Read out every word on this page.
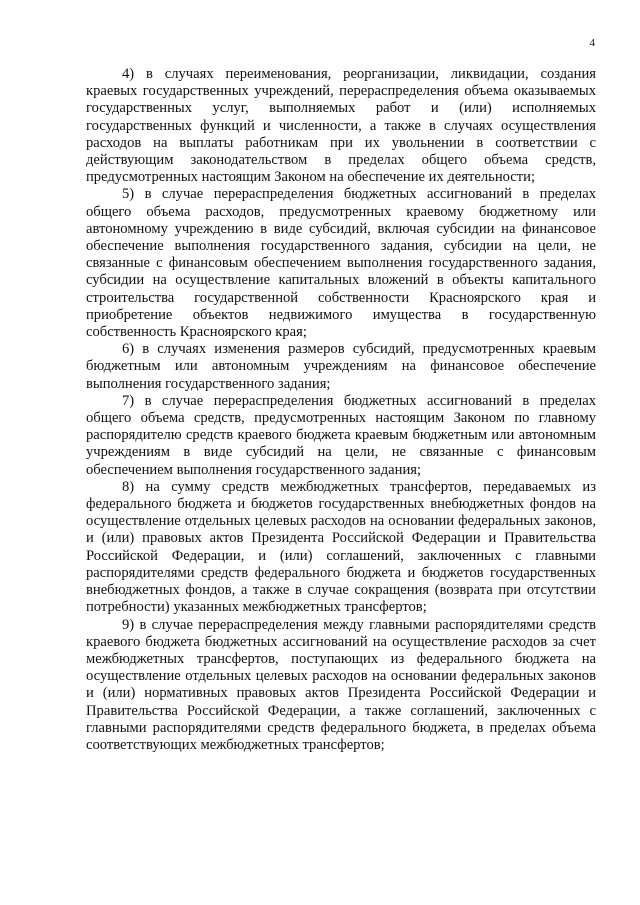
4

4) в случаях переименования, реорганизации, ликвидации, создания краевых государственных учреждений, перераспределения объема оказываемых государственных услуг, выполняемых работ и (или) исполняемых государственных функций и численности, а также в случаях осуществления расходов на выплаты работникам при их увольнении в соответствии с действующим законодательством в пределах общего объема средств, предусмотренных настоящим Законом на обеспечение их деятельности;

5) в случае перераспределения бюджетных ассигнований в пределах общего объема расходов, предусмотренных краевому бюджетному или автономному учреждению в виде субсидий, включая субсидии на финансовое обеспечение выполнения государственного задания, субсидии на цели, не связанные с финансовым обеспечением выполнения государственного задания, субсидии на осуществление капитальных вложений в объекты капитального строительства государственной собственности Красноярского края и приобретение объектов недвижимого имущества в государственную собственность Красноярского края;

6) в случаях изменения размеров субсидий, предусмотренных краевым бюджетным или автономным учреждениям на финансовое обеспечение выполнения государственного задания;

7) в случае перераспределения бюджетных ассигнований в пределах общего объема средств, предусмотренных настоящим Законом по главному распорядителю средств краевого бюджета краевым бюджетным или автономным учреждениям в виде субсидий на цели, не связанные с финансовым обеспечением выполнения государственного задания;

8) на сумму средств межбюджетных трансфертов, передаваемых из федерального бюджета и бюджетов государственных внебюджетных фондов на осуществление отдельных целевых расходов на основании федеральных законов, и (или) правовых актов Президента Российской Федерации и Правительства Российской Федерации, и (или) соглашений, заключенных с главными распорядителями средств федерального бюджета и бюджетов государственных внебюджетных фондов, а также в случае сокращения (возврата при отсутствии потребности) указанных межбюджетных трансфертов;

9) в случае перераспределения между главными распорядителями средств краевого бюджета бюджетных ассигнований на осуществление расходов за счет межбюджетных трансфертов, поступающих из федерального бюджета на осуществление отдельных целевых расходов на основании федеральных законов и (или) нормативных правовых актов Президента Российской Федерации и Правительства Российской Федерации, а также соглашений, заключенных с главными распорядителями средств федерального бюджета, в пределах объема соответствующих межбюджетных трансфертов;
